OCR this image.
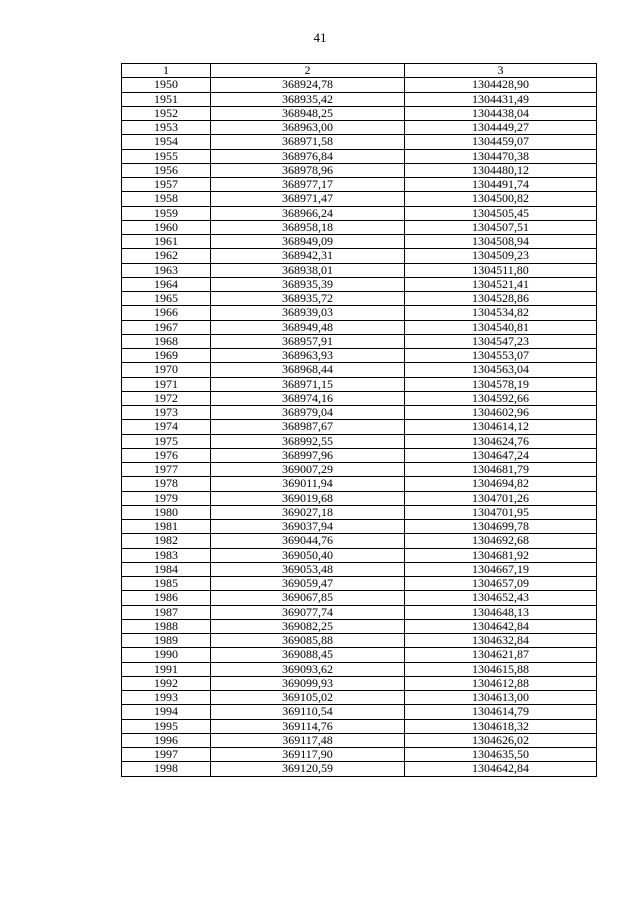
41
1	2	3
1950	368924,78	1304428,90
1951	368935,42	1304431,49
1952	368948,25	1304438,04
1953	368963,00	1304449,27
1954	368971,58	1304459,07
1955	368976,84	1304470,38
1956	368978,96	1304480,12
1957	368977,17	1304491,74
1958	368971,47	1304500,82
1959	368966,24	1304505,45
1960	368958,18	1304507,51
1961	368949,09	1304508,94
1962	368942,31	1304509,23
1963	368938,01	1304511,80
1964	368935,39	1304521,41
1965	368935,72	1304528,86
1966	368939,03	1304534,82
1967	368949,48	1304540,81
1968	368957,91	1304547,23
1969	368963,93	1304553,07
1970	368968,44	1304563,04
1971	368971,15	1304578,19
1972	368974,16	1304592,66
1973	368979,04	1304602,96
1974	368987,67	1304614,12
1975	368992,55	1304624,76
1976	368997,96	1304647,24
1977	369007,29	1304681,79
1978	369011,94	1304694,82
1979	369019,68	1304701,26
1980	369027,18	1304701,95
1981	369037,94	1304699,78
1982	369044,76	1304692,68
1983	369050,40	1304681,92
1984	369053,48	1304667,19
1985	369059,47	1304657,09
1986	369067,85	1304652,43
1987	369077,74	1304648,13
1988	369082,25	1304642,84
1989	369085,88	1304632,84
1990	369088,45	1304621,87
1991	369093,62	1304615,88
1992	369099,93	1304612,88
1993	369105,02	1304613,00
1994	369110,54	1304614,79
1995	369114,76	1304618,32
1996	369117,48	1304626,02
1997	369117,90	1304635,50
1998	369120,59	1304642,84
